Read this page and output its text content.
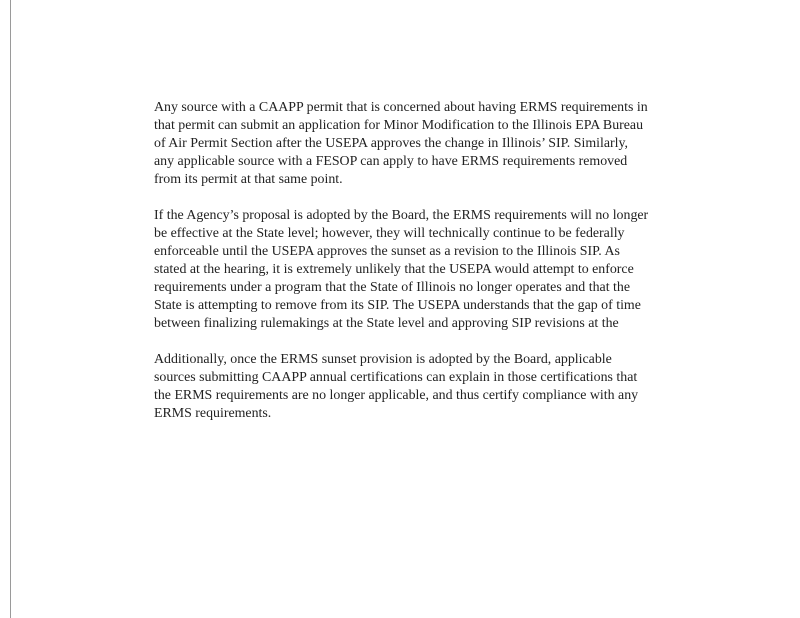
Any source with a CAAPP permit that is concerned about having ERMS requirements in
that permit can submit an application for Minor Modification to the Illinois EPA Bureau
of Air Permit Section after the USEPA approves the change in Illinois’ SIP. Similarly,
any applicable source with a FESOP can apply to have ERMS requirements removed
from its permit at that same point.

If the Agency’s proposal is adopted by the Board, the ERMS requirements will no longer
be effective at the State level; however, they will technically continue to be federally
enforceable until the USEPA approves the sunset as a revision to the Illinois SIP. As
stated at the hearing, it is extremely unlikely that the USEPA would attempt to enforce
requirements under a program that the State of Illinois no longer operates and that the
State is attempting to remove from its SIP. The USEPA understands that the gap of time
between finalizing rulemakings at the State level and approving SIP revisions at the

Additionally, once the ERMS sunset provision is adopted by the Board, applicable
sources submitting CAAPP annual certifications can explain in those certifications that
the ERMS requirements are no longer applicable, and thus certify compliance with any
ERMS requirements.
